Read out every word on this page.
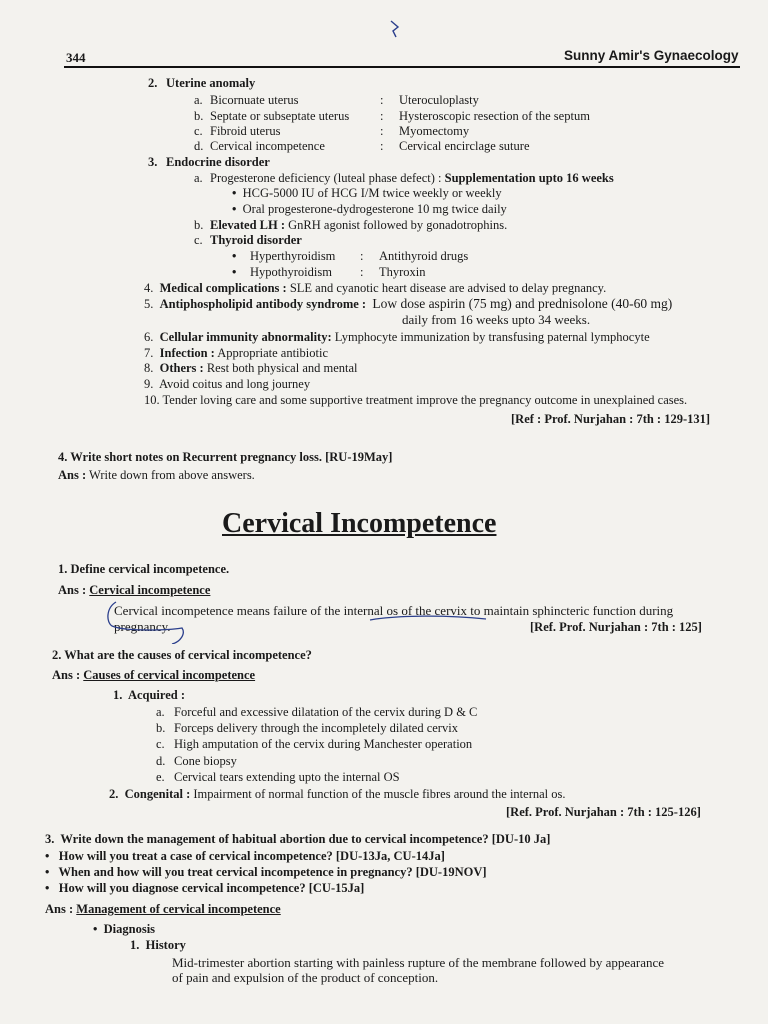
344	Sunny Amir's Gynaecology
2. Uterine anomaly
a. Bicornuate uterus	: Uteroculoplasty
b. Septate or subseptate uterus : Hysteroscopic resection of the septum
c. Fibroid uterus	: Myomectomy
d. Cervical incompetence	: Cervical encirclage suture
3. Endocrine disorder
a. Progesterone deficiency (luteal phase defect) : Supplementation upto 16 weeks
• HCG-5000 IU of HCG I/M twice weekly or weekly
• Oral progesterone-dydrogesterone 10 mg twice daily
b. Elevated LH : GnRH agonist followed by gonadotrophins.
c. Thyroid disorder
• Hyperthyroidism : Antithyroid drugs
• Hypothyroidism : Thyroxin
4. Medical complications : SLE and cyanotic heart disease are advised to delay pregnancy.
5. Antiphospholipid antibody syndrome : Low dose aspirin (75 mg) and prednisolone (40-60 mg)
daily from 16 weeks upto 34 weeks.
6. Cellular immunity abnormality: Lymphocyte immunization by transfusing paternal lymphocyte
7. Infection : Appropriate antibiotic
8. Others : Rest both physical and mental
9. Avoid coitus and long journey
10. Tender loving care and some supportive treatment improve the pregnancy outcome in unexplained cases.
[Ref : Prof. Nurjahan : 7th : 129-131]
4. Write short notes on Recurrent pregnancy loss. [RU-19May]
Ans : Write down from above answers.
Cervical Incompetence
1. Define cervical incompetence.
Ans : Cervical incompetence
Cervical incompetence means failure of the internal os of the cervix to maintain sphincteric function during
pregnancy.	[Ref. Prof. Nurjahan : 7th : 125]
2. What are the causes of cervical incompetence?
Ans : Causes of cervical incompetence
1. Acquired :
a. Forceful and excessive dilatation of the cervix during D & C
b. Forceps delivery through the incompletely dilated cervix
c. High amputation of the cervix during Manchester operation
d. Cone biopsy
e. Cervical tears extending upto the internal OS
2. Congenital : Impairment of normal function of the muscle fibres around the internal os.
[Ref. Prof. Nurjahan : 7th : 125-126]
3. Write down the management of habitual abortion due to cervical incompetence? [DU-10 Ja]
• How will you treat a case of cervical incompetence? [DU-13Ja, CU-14Ja]
• When and how will you treat cervical incompetence in pregnancy? [DU-19NOV]
• How will you diagnose cervical incompetence? [CU-15Ja]
Ans : Management of cervical incompetence
• Diagnosis
1. History
Mid-trimester abortion starting with painless rupture of the membrane followed by appearance
of pain and expulsion of the product of conception.
